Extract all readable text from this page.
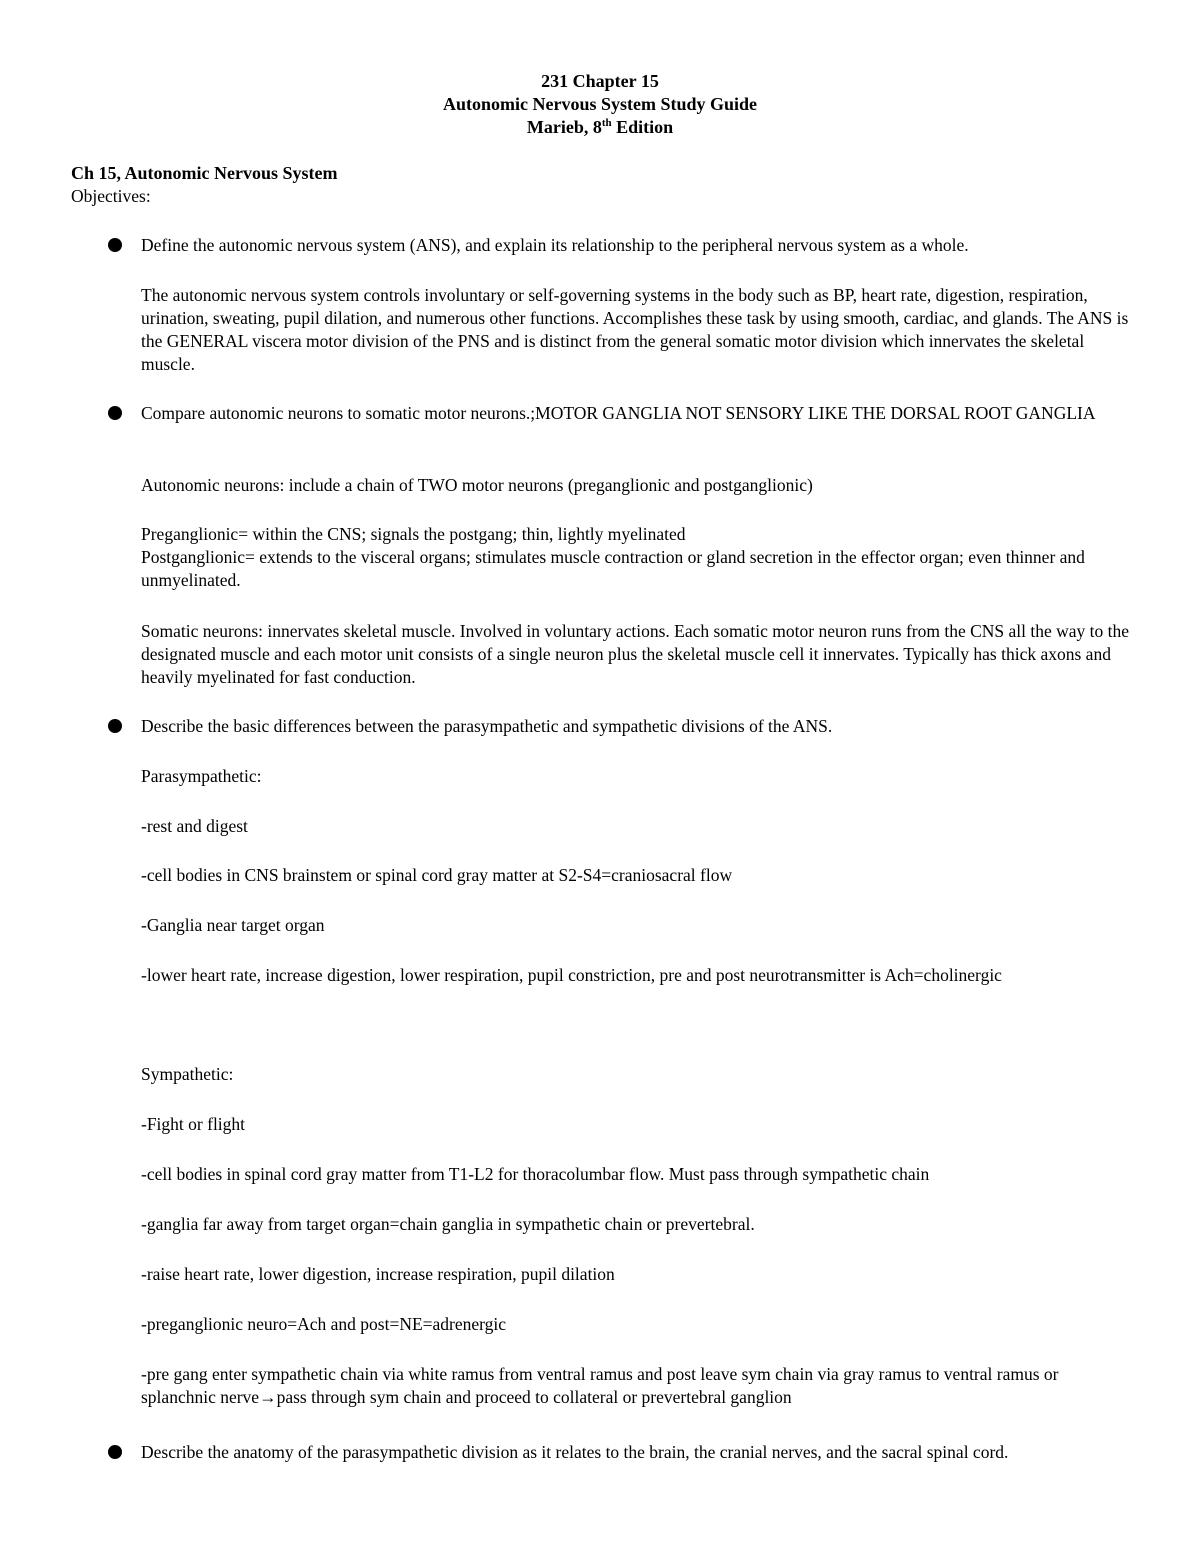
231 Chapter 15
Autonomic Nervous System Study Guide
Marieb, 8th Edition
Ch 15, Autonomic Nervous System
Objectives:

Define the autonomic nervous system (ANS), and explain its relationship to the peripheral nervous system as a whole.

The autonomic nervous system controls involuntary or self-governing systems in the body such as BP, heart rate, digestion, respiration, urination, sweating, pupil dilation, and numerous other functions. Accomplishes these task by using smooth, cardiac, and glands. The ANS is the GENERAL viscera motor division of the PNS and is distinct from the general somatic motor division which innervates the skeletal muscle.

Compare autonomic neurons to somatic motor neurons.;MOTOR GANGLIA NOT SENSORY LIKE THE DORSAL ROOT GANGLIA

Autonomic neurons: include a chain of TWO motor neurons (preganglionic and postganglionic)

Preganglionic= within the CNS; signals the postgang; thin, lightly myelinated

Postganglionic= extends to the visceral organs; stimulates muscle contraction or gland secretion in the effector organ; even thinner and unmyelinated.

Somatic neurons: innervates skeletal muscle. Involved in voluntary actions. Each somatic motor neuron runs from the CNS all the way to the designated muscle and each motor unit consists of a single neuron plus the skeletal muscle cell it innervates. Typically has thick axons and heavily myelinated for fast conduction.

Describe the basic differences between the parasympathetic and sympathetic divisions of the ANS.

Parasympathetic:

-rest and digest

-cell bodies in CNS brainstem or spinal cord gray matter at S2-S4=craniosacral flow

-Ganglia near target organ

-lower heart rate, increase digestion, lower respiration, pupil constriction, pre and post neurotransmitter is Ach=cholinergic

Sympathetic:

-Fight or flight

-cell bodies in spinal cord gray matter from T1-L2 for thoracolumbar flow. Must pass through sympathetic chain

-ganglia far away from target organ=chain ganglia in sympathetic chain or prevertebral.

-raise heart rate, lower digestion, increase respiration, pupil dilation

-preganglionic neuro=Ach and post=NE=adrenergic

-pre gang enter sympathetic chain via white ramus from ventral ramus and post leave sym chain via gray ramus to ventral ramus or splanchnic nerve→pass through sym chain and proceed to collateral or prevertebral ganglion

Describe the anatomy of the parasympathetic division as it relates to the brain, the cranial nerves, and the sacral spinal cord.
